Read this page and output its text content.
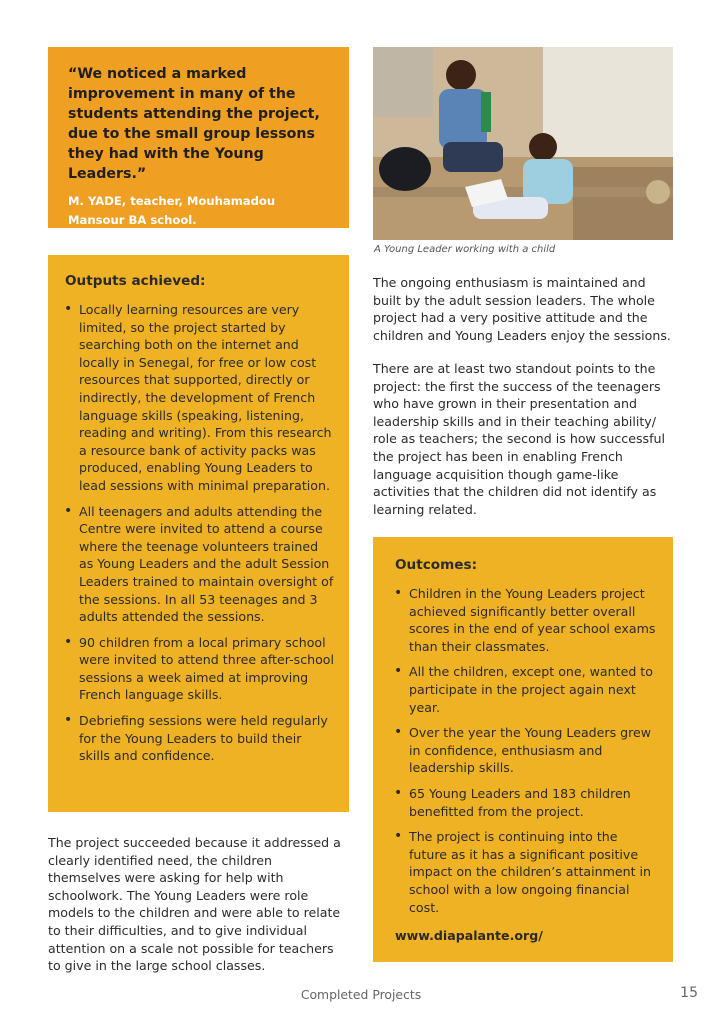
“We noticed a marked improvement in many of the students attending the project, due to the small group lessons they had with the Young Leaders.”

M. YADE, teacher, Mouhamadou Mansour BA school.

A Young Leader working with a child
Outputs achieved:
• Locally learning resources are very limited, so the project started by searching both on the internet and locally in Senegal, for free or low cost resources that supported, directly or indirectly, the development of French language skills (speaking, listening, reading and writing). From this research a resource bank of activity packs was produced, enabling Young Leaders to lead sessions with minimal preparation.
• All teenagers and adults attending the Centre were invited to attend a course where the teenage volunteers trained as Young Leaders and the adult Session Leaders trained to maintain oversight of the sessions. In all 53 teenages and 3 adults attended the sessions.
• 90 children from a local primary school were invited to attend three after-school sessions a week aimed at improving French language skills.
• Debriefing sessions were held regularly for the Young Leaders to build their skills and confidence.

The project succeeded because it addressed a clearly identified need, the children themselves were asking for help with schoolwork. The Young Leaders were role models to the children and were able to relate to their difficulties, and to give individual attention on a scale not possible for teachers to give in the large school classes.

The ongoing enthusiasm is maintained and built by the adult session leaders. The whole project had a very positive attitude and the children and Young Leaders enjoy the sessions.

There are at least two standout points to the project: the first the success of the teenagers who have grown in their presentation and leadership skills and in their teaching ability/ role as teachers; the second is how successful the project has been in enabling French language acquisition though game-like activities that the children did not identify as learning related.

Outcomes:
• Children in the Young Leaders project achieved significantly better overall scores in the end of year school exams than their classmates.
• All the children, except one, wanted to participate in the project again next year.
• Over the year the Young Leaders grew in confidence, enthusiasm and leadership skills.
• 65 Young Leaders and 183 children benefitted from the project.
• The project is continuing into the future as it has a significant positive impact on the children’s attainment in school with a low ongoing financial cost.
www.diapalante.org/
Completed Projects	15
